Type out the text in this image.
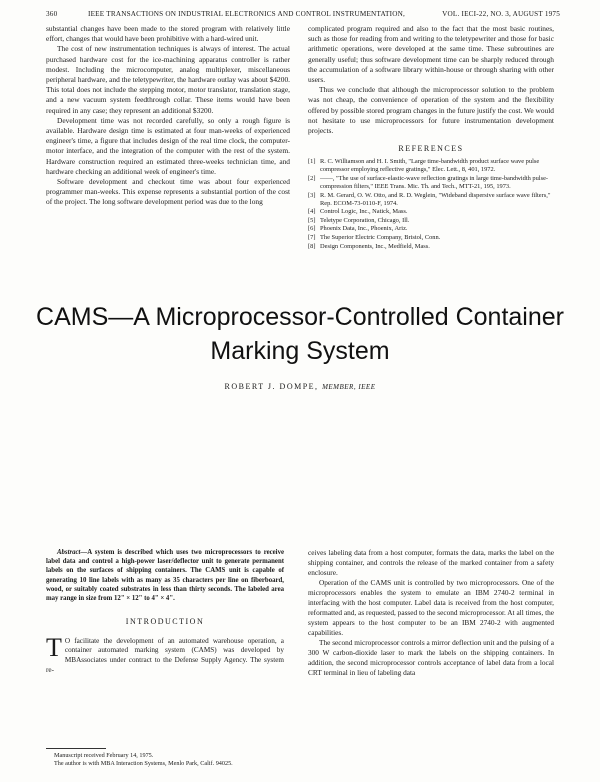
360	IEEE TRANSACTIONS ON INDUSTRIAL ELECTRONICS AND CONTROL INSTRUMENTATION,	VOL. IECI-22, NO. 3, AUGUST 1975

substantial changes have been made to the stored program with relatively little effort, changes that would have been prohibitive with a hard-wired unit.

The cost of new instrumentation techniques is always of interest. The actual purchased hardware cost for the ice-machining apparatus controller is rather modest. Including the microcomputer, analog multiplexer, miscellaneous peripheral hardware, and the teletypewriter, the hardware outlay was about $4200. This total does not include the stepping motor, motor translator, translation stage, and a new vacuum system feedthrough collar. These items would have been required in any case; they represent an additional $3200.

Development time was not recorded carefully, so only a rough figure is available. Hardware design time is estimated at four man-weeks of experienced engineer's time, a figure that includes design of the real time clock, the computer-motor interface, and the integration of the computer with the rest of the system. Hardware construction required an estimated three-weeks technician time, and hardware checking an additional week of engineer's time.

Software development and checkout time was about four experienced programmer man-weeks. This expense represents a substantial portion of the cost of the project. The long software development period was due to the long

complicated program required and also to the fact that the most basic routines, such as those for reading from and writing to the teletypewriter and those for basic arithmetic operations, were developed at the same time. These subroutines are generally useful; thus software development time can be sharply reduced through the accumulation of a software library within-house or through sharing with other users.

Thus we conclude that although the microprocessor solution to the problem was not cheap, the convenience of operation of the system and the flexibility offered by possible stored program changes in the future justify the cost. We would not hesitate to use microprocessors for future instrumentation development projects.

REFERENCES
[1] R. C. Williamson and H. I. Smith, "Large time-bandwidth product surface wave pulse compressor employing reflective gratings," Elec. Lett., 8, 401, 1972.
[2] ——, "The use of surface-elastic-wave reflection gratings in large time-bandwidth pulse-compression filters," IEEE Trans. Mic. Th. and Tech., MTT-21, 195, 1973.
[3] R. M. Gerard, O. W. Otto, and R. D. Weglein, "Wideband dispersive surface wave filters," Rep. ECOM-73-0110-F, 1974.
[4] Control Logic, Inc., Natick, Mass.
[5] Teletype Corporation, Chicago, Ill.
[6] Phoenix Data, Inc., Phoenix, Ariz.
[7] The Superior Electric Company, Bristol, Conn.
[8] Design Components, Inc., Medfield, Mass.
CAMS—A Microprocessor-Controlled Container
Marking System
ROBERT J. DOMPE, MEMBER, IEEE

Abstract—A system is described which uses two microprocessors to receive label data and control a high-power laser/deflector unit to generate permanent labels on the surfaces of shipping containers. The CAMS unit is capable of generating 10 line labels with as many as 35 characters per line on fiberboard, wood, or suitably coated substrates in less than thirty seconds. The labeled area may range in size from 12" × 12" to 4" × 4".

INTRODUCTION

T O facilitate the development of an automated warehouse operation, a container automated marking system (CAMS) was developed by MBAssociates under contract to the Defense Supply Agency. The system re-

Manuscript received February 14, 1975.

The author is with MBA Interaction Systems, Menlo Park, Calif. 94025.

ceives labeling data from a host computer, formats the data, marks the label on the shipping container, and controls the release of the marked container from a safety enclosure.

Operation of the CAMS unit is controlled by two microprocessors. One of the microprocessors enables the system to emulate an IBM 2740-2 terminal in interfacing with the host computer. Label data is received from the host computer, reformatted and, as requested, passed to the second microprocessor. At all times, the system appears to the host computer to be an IBM 2740-2 with augmented capabilities.

The second microprocessor controls a mirror deflection unit and the pulsing of a 300 W carbon-dioxide laser to mark the labels on the shipping containers. In addition, the second microprocessor controls acceptance of label data from a local CRT terminal in lieu of labeling data
